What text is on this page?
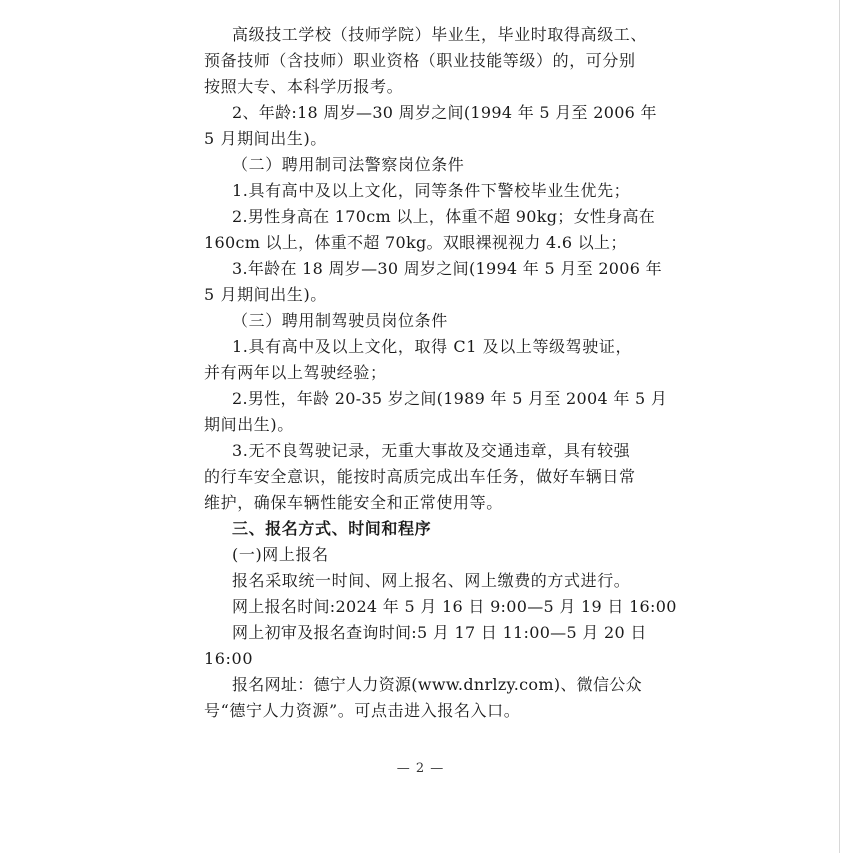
高级技工学校（技师学院）毕业生，毕业时取得高级工、
预备技师（含技师）职业资格（职业技能等级）的，可分别
按照大专、本科学历报考。
2、年龄:18 周岁—30 周岁之间(1994 年 5 月至 2006 年
5 月期间出生)。
（二）聘用制司法警察岗位条件
1.具有高中及以上文化，同等条件下警校毕业生优先；
2.男性身高在 170cm 以上，体重不超 90kg；女性身高在
160cm 以上，体重不超 70kg。双眼裸视视力 4.6 以上；
3.年龄在 18 周岁—30 周岁之间(1994 年 5 月至 2006 年
5 月期间出生)。
（三）聘用制驾驶员岗位条件
1.具有高中及以上文化，取得 C1 及以上等级驾驶证，
并有两年以上驾驶经验；
2.男性，年龄 20-35 岁之间(1989 年 5 月至 2004 年 5 月
期间出生)。
3.无不良驾驶记录，无重大事故及交通违章，具有较强
的行车安全意识，能按时高质完成出车任务，做好车辆日常
维护，确保车辆性能安全和正常使用等。
三、报名方式、时间和程序
(一)网上报名
报名采取统一时间、网上报名、网上缴费的方式进行。
网上报名时间:2024 年 5 月 16 日 9:00—5 月 19 日 16:00
网上初审及报名查询时间:5 月 17 日 11:00—5 月 20 日
16:00
报名网址：德宁人力资源(www.dnrlzy.com)、微信公众
号“德宁人力资源”。可点击进入报名入口。
— 2 —
